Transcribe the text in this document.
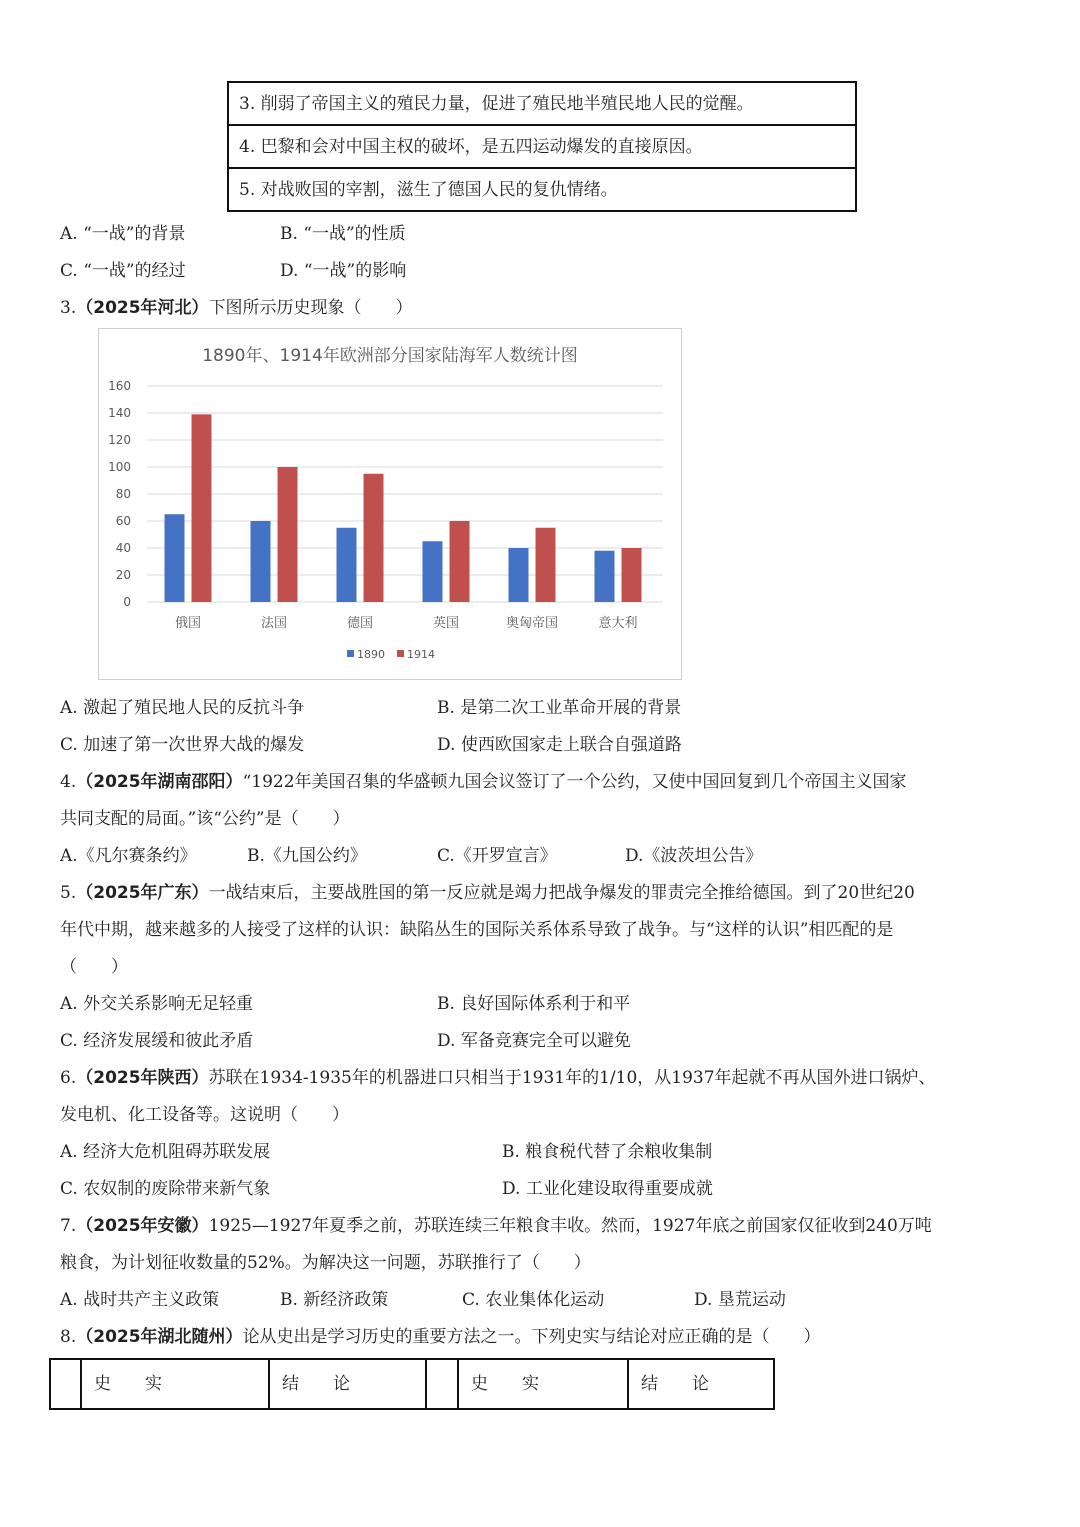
3. 削弱了帝国主义的殖民力量，促进了殖民地半殖民地人民的觉醒。
4. 巴黎和会对中国主权的破坏，是五四运动爆发的直接原因。
5. 对战败国的宰割，滋生了德国人民的复仇情绪。
A. “一战”的背景	B. “一战”的性质
C. “一战”的经过	D. “一战”的影响
3.（2025年河北）下图所示历史现象（　　）
1890年、1914年欧洲部分国家陆海军人数统计图
0
20
40
60
80
100
120
140
160
俄国	法国	德国	英国	奥匈帝国	意大利
1890 1914
A. 激起了殖民地人民的反抗斗争	B. 是第二次工业革命开展的背景
C. 加速了第一次世界大战的爆发	D. 使西欧国家走上联合自强道路
4.（2025年湖南邵阳）“1922年美国召集的华盛顿九国会议签订了一个公约，又使中国回复到几个帝国主义国家
共同支配的局面。”该“公约”是（　　）
A.《凡尔赛条约》	B.《九国公约》	C.《开罗宣言》	D.《波茨坦公告》
5.（2025年广东）一战结束后，主要战胜国的第一反应就是竭力把战争爆发的罪责完全推给德国。到了20世纪20
年代中期，越来越多的人接受了这样的认识：缺陷丛生的国际关系体系导致了战争。与“这样的认识”相匹配的是
（　　）
A. 外交关系影响无足轻重	B. 良好国际体系利于和平
C. 经济发展缓和彼此矛盾	D. 军备竞赛完全可以避免
6.（2025年陕西）苏联在1934-1935年的机器进口只相当于1931年的1/10，从1937年起就不再从国外进口锅炉、
发电机、化工设备等。这说明（　　）
A. 经济大危机阻碍苏联发展	B. 粮食税代替了余粮收集制
C. 农奴制的废除带来新气象	D. 工业化建设取得重要成就
7.（2025年安徽）1925—1927年夏季之前，苏联连续三年粮食丰收。然而，1927年底之前国家仅征收到240万吨
粮食，为计划征收数量的52%。为解决这一问题，苏联推行了（　　）
A. 战时共产主义政策	B. 新经济政策	C. 农业集体化运动	D. 垦荒运动
8.（2025年湖北随州）论从史出是学习历史的重要方法之一。下列史实与结论对应正确的是（　　）
史　　实	结　　论	史　　实	结　　论
